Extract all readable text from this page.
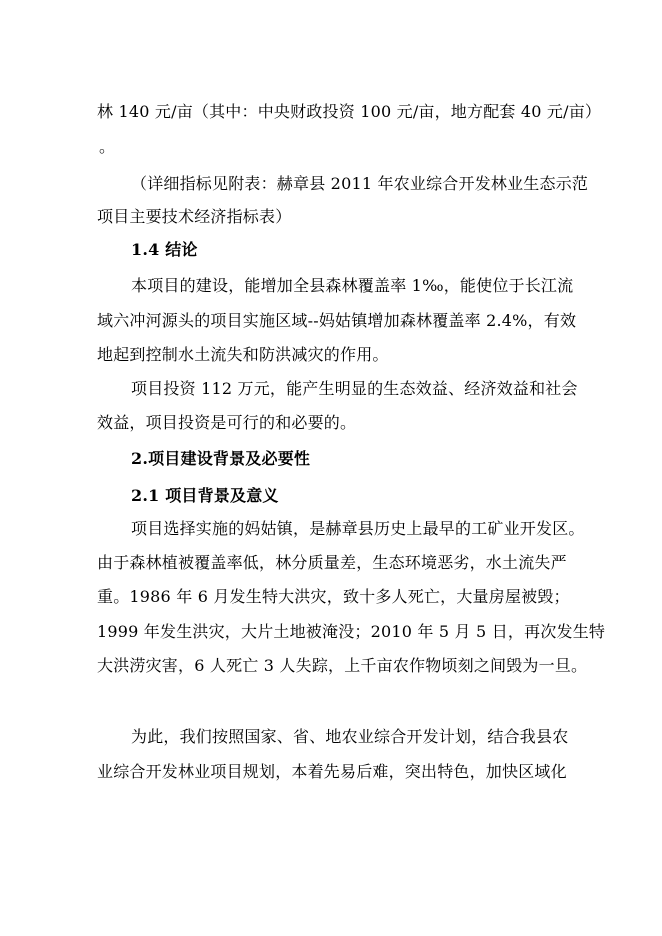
林 140 元/亩（其中：中央财政投资 100 元/亩，地方配套 40 元/亩）
。
（详细指标见附表：赫章县 2011 年农业综合开发林业生态示范
项目主要技术经济指标表）
1.4 结论
本项目的建设，能增加全县森林覆盖率 1‰，能使位于长江流
域六冲河源头的项目实施区域--妈姑镇增加森林覆盖率 2.4%，有效
地起到控制水土流失和防洪减灾的作用。
项目投资 112 万元，能产生明显的生态效益、经济效益和社会
效益，项目投资是可行的和必要的。
2.项目建设背景及必要性
2.1 项目背景及意义
项目选择实施的妈姑镇，是赫章县历史上最早的工矿业开发区。
由于森林植被覆盖率低，林分质量差，生态环境恶劣，水土流失严
重。1986 年 6 月发生特大洪灾，致十多人死亡，大量房屋被毁；
1999 年发生洪灾，大片土地被淹没；2010 年 5 月 5 日，再次发生特
大洪涝灾害，6 人死亡 3 人失踪，上千亩农作物顷刻之间毁为一旦。
为此，我们按照国家、省、地农业综合开发计划，结合我县农
业综合开发林业项目规划，本着先易后难，突出特色，加快区域化
